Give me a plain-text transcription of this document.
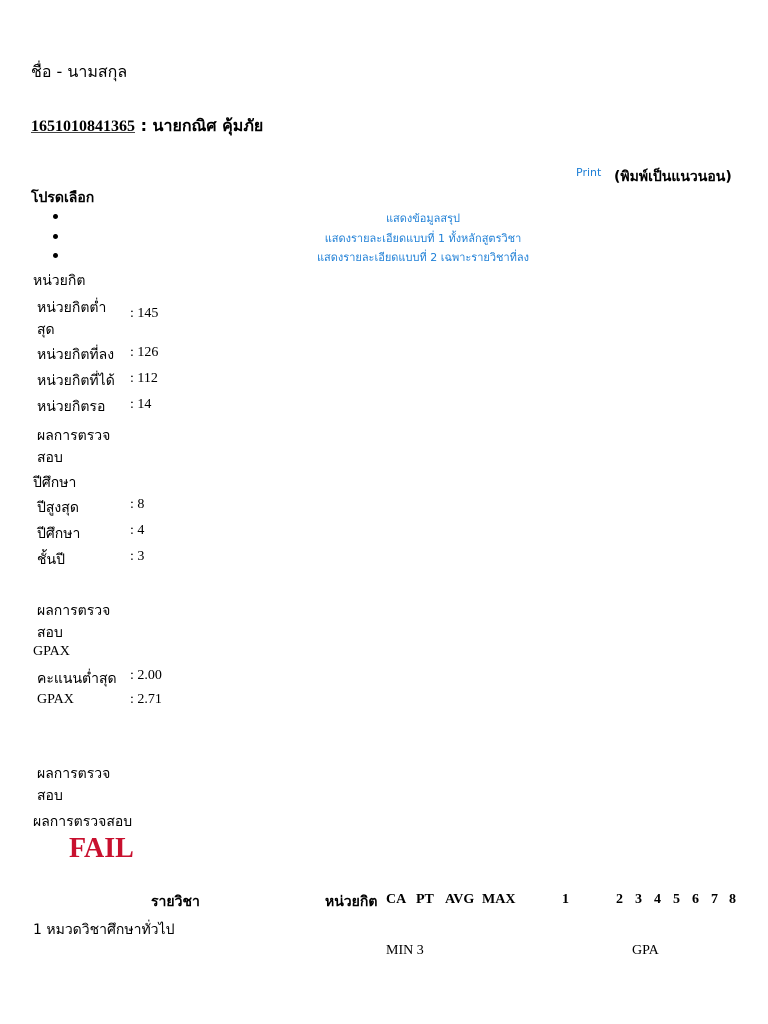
ชื่อ - นามสกุล
1651010841365 : นายกณิศ คุ้มภัย
Print (พิมพ์เป็นแนวนอน)
โปรดเลือก
แสดงข้อมูลสรุป
แสดงรายละเอียดแบบที่ 1 ทั้งหลักสูตรวิชา
แสดงรายละเอียดแบบที่ 2 เฉพาะรายวิชาที่ลง
หน่วยกิต
หน่วยกิตต่ำ
สุด
: 145
หน่วยกิตที่ลง : 126
หน่วยกิตที่ได้ : 112
หน่วยกิตรอ : 14
ผลการตรวจ
สอบ
ปีศึกษา
ปีสูงสุด	: 8
ปีศึกษา	: 4
ชั้นปี	: 3
ผลการตรวจ
สอบ
GPAX
คะแนนต่ำสุด : 2.00
GPAX	: 2.71
ผลการตรวจ
สอบ
ผลการตรวจสอบ
FAIL
รายวิชา	หน่วยกิต CA PT AVG MAX	1	2 3 4 5 6 7 8
1 หมวดวิชาศึกษาทั่วไป
MIN 3	GPA
